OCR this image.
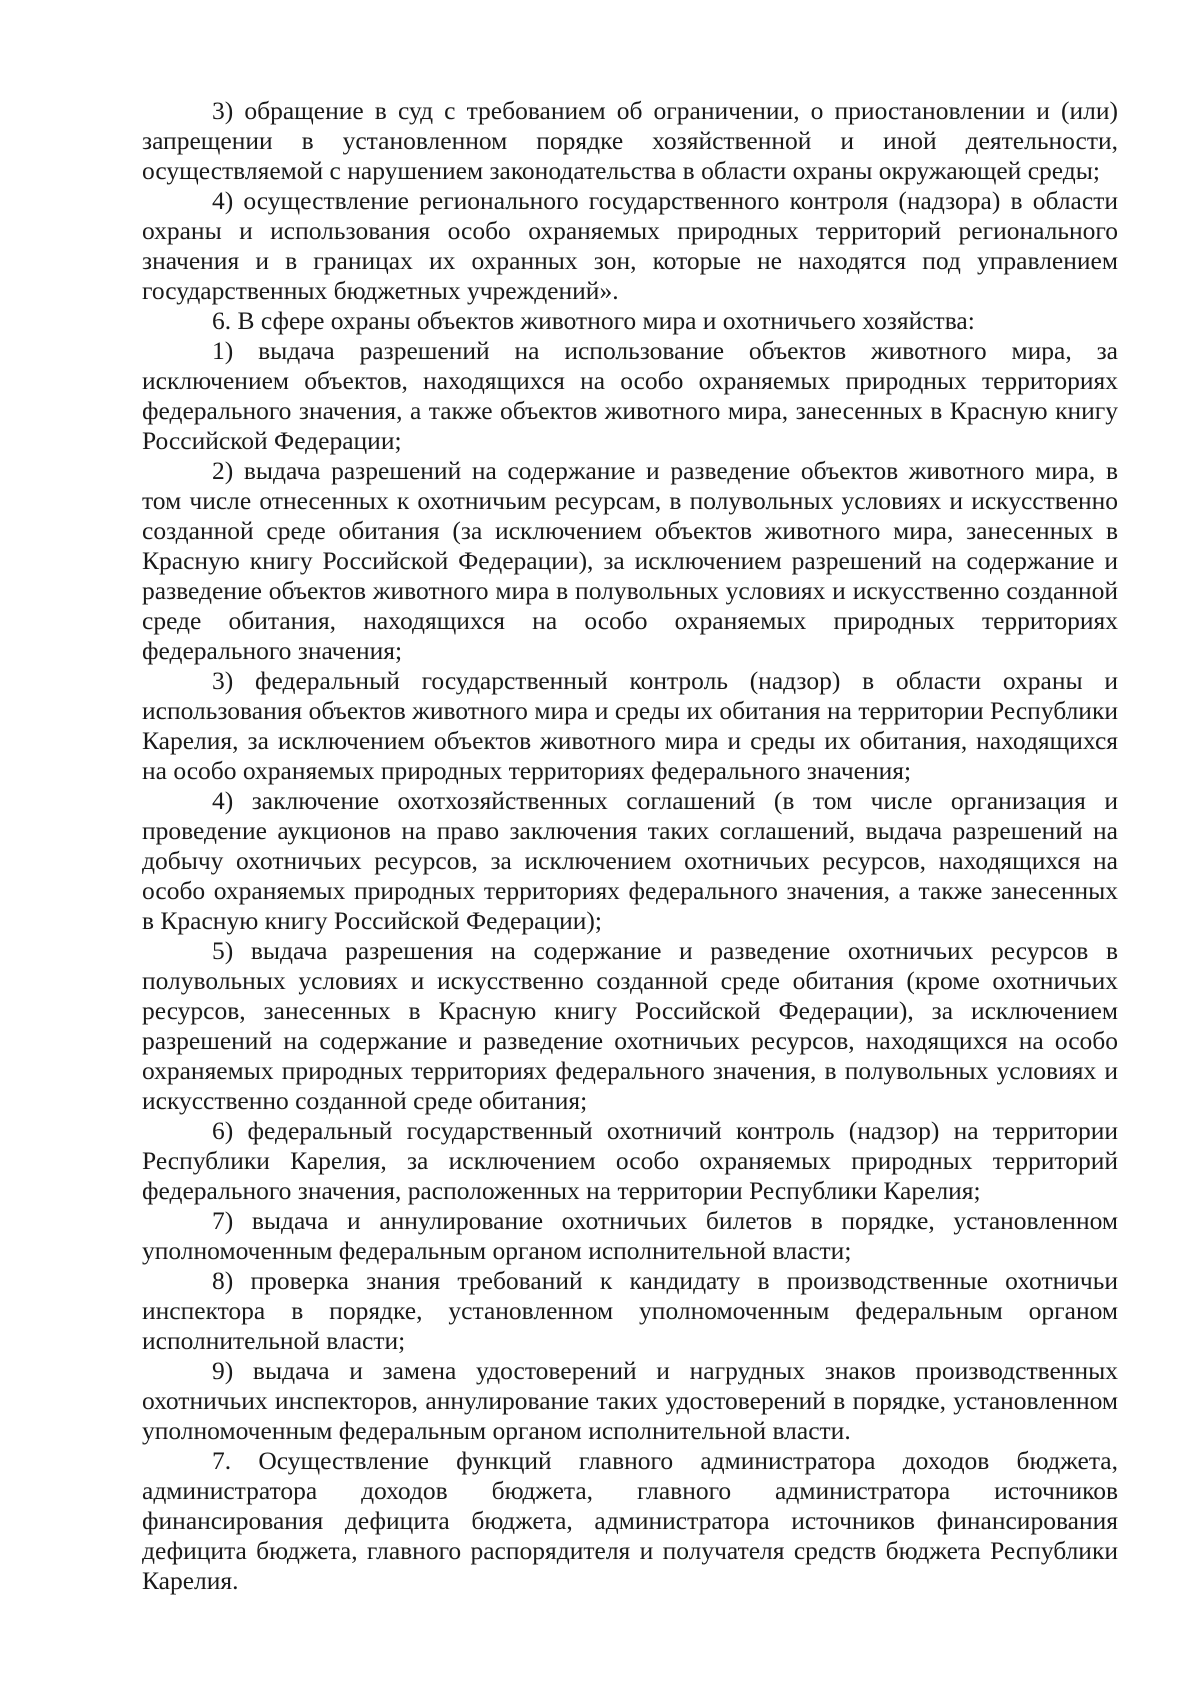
3) обращение в суд с требованием об ограничении, о приостановлении и (или) запрещении в установленном порядке хозяйственной и иной деятельности, осуществляемой с нарушением законодательства в области охраны окружающей среды;

4) осуществление регионального государственного контроля (надзора) в области охраны и использования особо охраняемых природных территорий регионального значения и в границах их охранных зон, которые не находятся под управлением государственных бюджетных учреждений».

6. В сфере охраны объектов животного мира и охотничьего хозяйства:

1) выдача разрешений на использование объектов животного мира, за исключением объектов, находящихся на особо охраняемых природных территориях федерального значения, а также объектов животного мира, занесенных в Красную книгу Российской Федерации;

2) выдача разрешений на содержание и разведение объектов животного мира, в том числе отнесенных к охотничьим ресурсам, в полувольных условиях и искусственно созданной среде обитания (за исключением объектов животного мира, занесенных в Красную книгу Российской Федерации), за исключением разрешений на содержание и разведение объектов животного мира в полувольных условиях и искусственно созданной среде обитания, находящихся на особо охраняемых природных территориях федерального значения;

3) федеральный государственный контроль (надзор) в области охраны и использования объектов животного мира и среды их обитания на территории Республики Карелия, за исключением объектов животного мира и среды их обитания, находящихся на особо охраняемых природных территориях федерального значения;

4) заключение охотхозяйственных соглашений (в том числе организация и проведение аукционов на право заключения таких соглашений, выдача разрешений на добычу охотничьих ресурсов, за исключением охотничьих ресурсов, находящихся на особо охраняемых природных территориях федерального значения, а также занесенных в Красную книгу Российской Федерации);

5) выдача разрешения на содержание и разведение охотничьих ресурсов в полувольных условиях и искусственно созданной среде обитания (кроме охотничьих ресурсов, занесенных в Красную книгу Российской Федерации), за исключением разрешений на содержание и разведение охотничьих ресурсов, находящихся на особо охраняемых природных территориях федерального значения, в полувольных условиях и искусственно созданной среде обитания;

6) федеральный государственный охотничий контроль (надзор) на территории Республики Карелия, за исключением особо охраняемых природных территорий федерального значения, расположенных на территории Республики Карелия;

7) выдача и аннулирование охотничьих билетов в порядке, установленном уполномоченным федеральным органом исполнительной власти;

8) проверка знания требований к кандидату в производственные охотничьи инспектора в порядке, установленном уполномоченным федеральным органом исполнительной власти;

9) выдача и замена удостоверений и нагрудных знаков производственных охотничьих инспекторов, аннулирование таких удостоверений в порядке, установленном уполномоченным федеральным органом исполнительной власти.

7. Осуществление функций главного администратора доходов бюджета, администратора доходов бюджета, главного администратора источников финансирования дефицита бюджета, администратора источников финансирования дефицита бюджета, главного распорядителя и получателя средств бюджета Республики Карелия.
